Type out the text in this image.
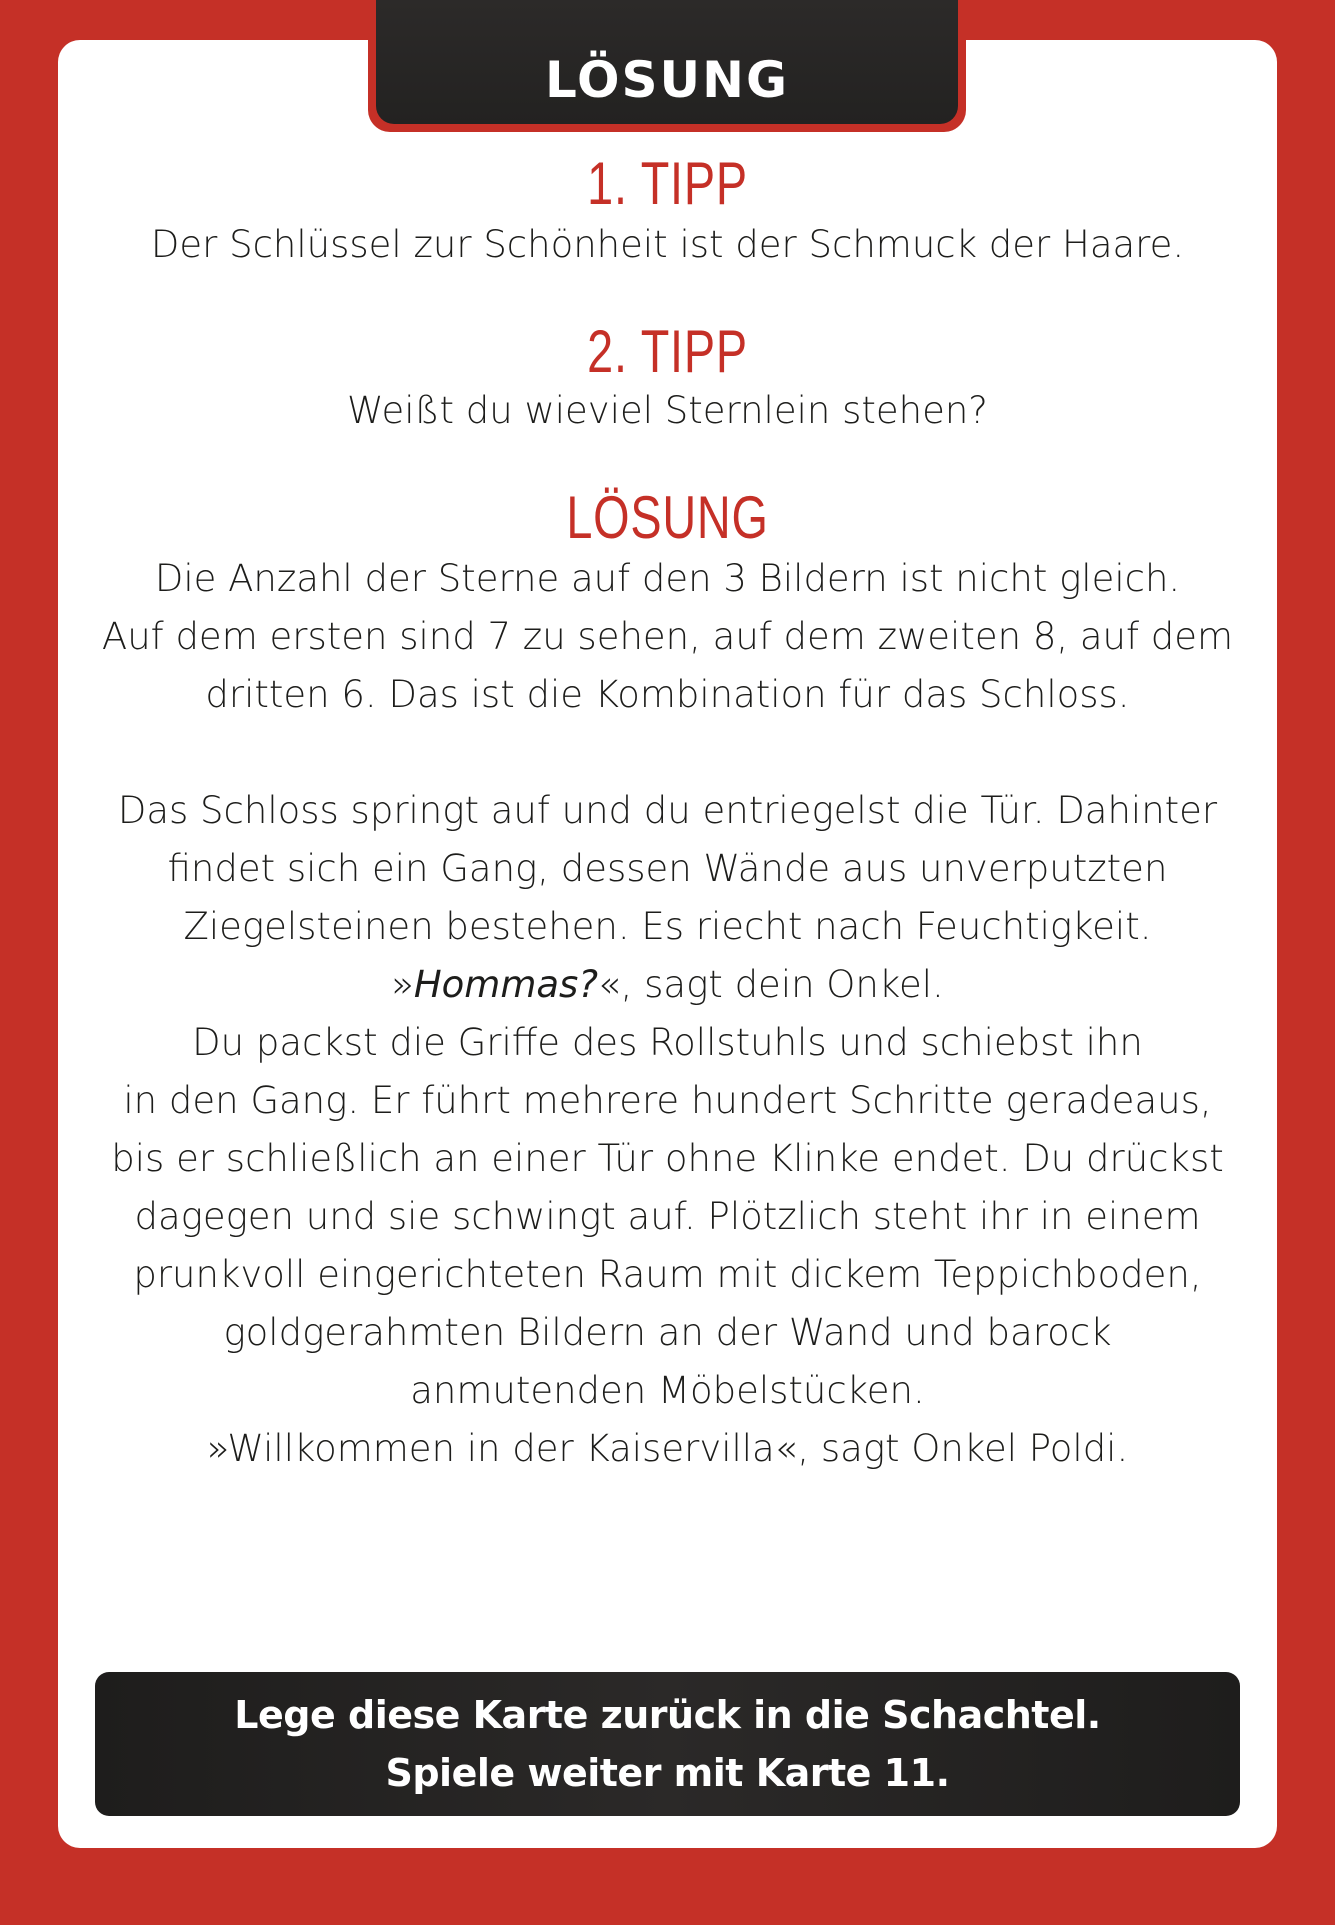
LÖSUNG
1. TIPP

Der Schlüssel zur Schönheit ist der Schmuck der Haare.

2. TIPP

Weißt du wieviel Sternlein stehen?

LÖSUNG
Die Anzahl der Sterne auf den 3 Bildern ist nicht gleich.
Auf dem ersten sind 7 zu sehen, auf dem zweiten 8, auf dem
dritten 6. Das ist die Kombination für das Schloss.
Das Schloss springt auf und du entriegelst die Tür. Dahinter
findet sich ein Gang, dessen Wände aus unverputzten
Ziegelsteinen bestehen. Es riecht nach Feuchtigkeit.
»Hommas?«, sagt dein Onkel.
Du packst die Griffe des Rollstuhls und schiebst ihn
in den Gang. Er führt mehrere hundert Schritte geradeaus,
bis er schließlich an einer Tür ohne Klinke endet. Du drückst
dagegen und sie schwingt auf. Plötzlich steht ihr in einem
prunkvoll eingerichteten Raum mit dickem Teppichboden,
goldgerahmten Bildern an der Wand und barock
anmutenden Möbelstücken.
»Willkommen in der Kaiservilla«, sagt Onkel Poldi.
Lege diese Karte zurück in die Schachtel.
Spiele weiter mit Karte 11.
